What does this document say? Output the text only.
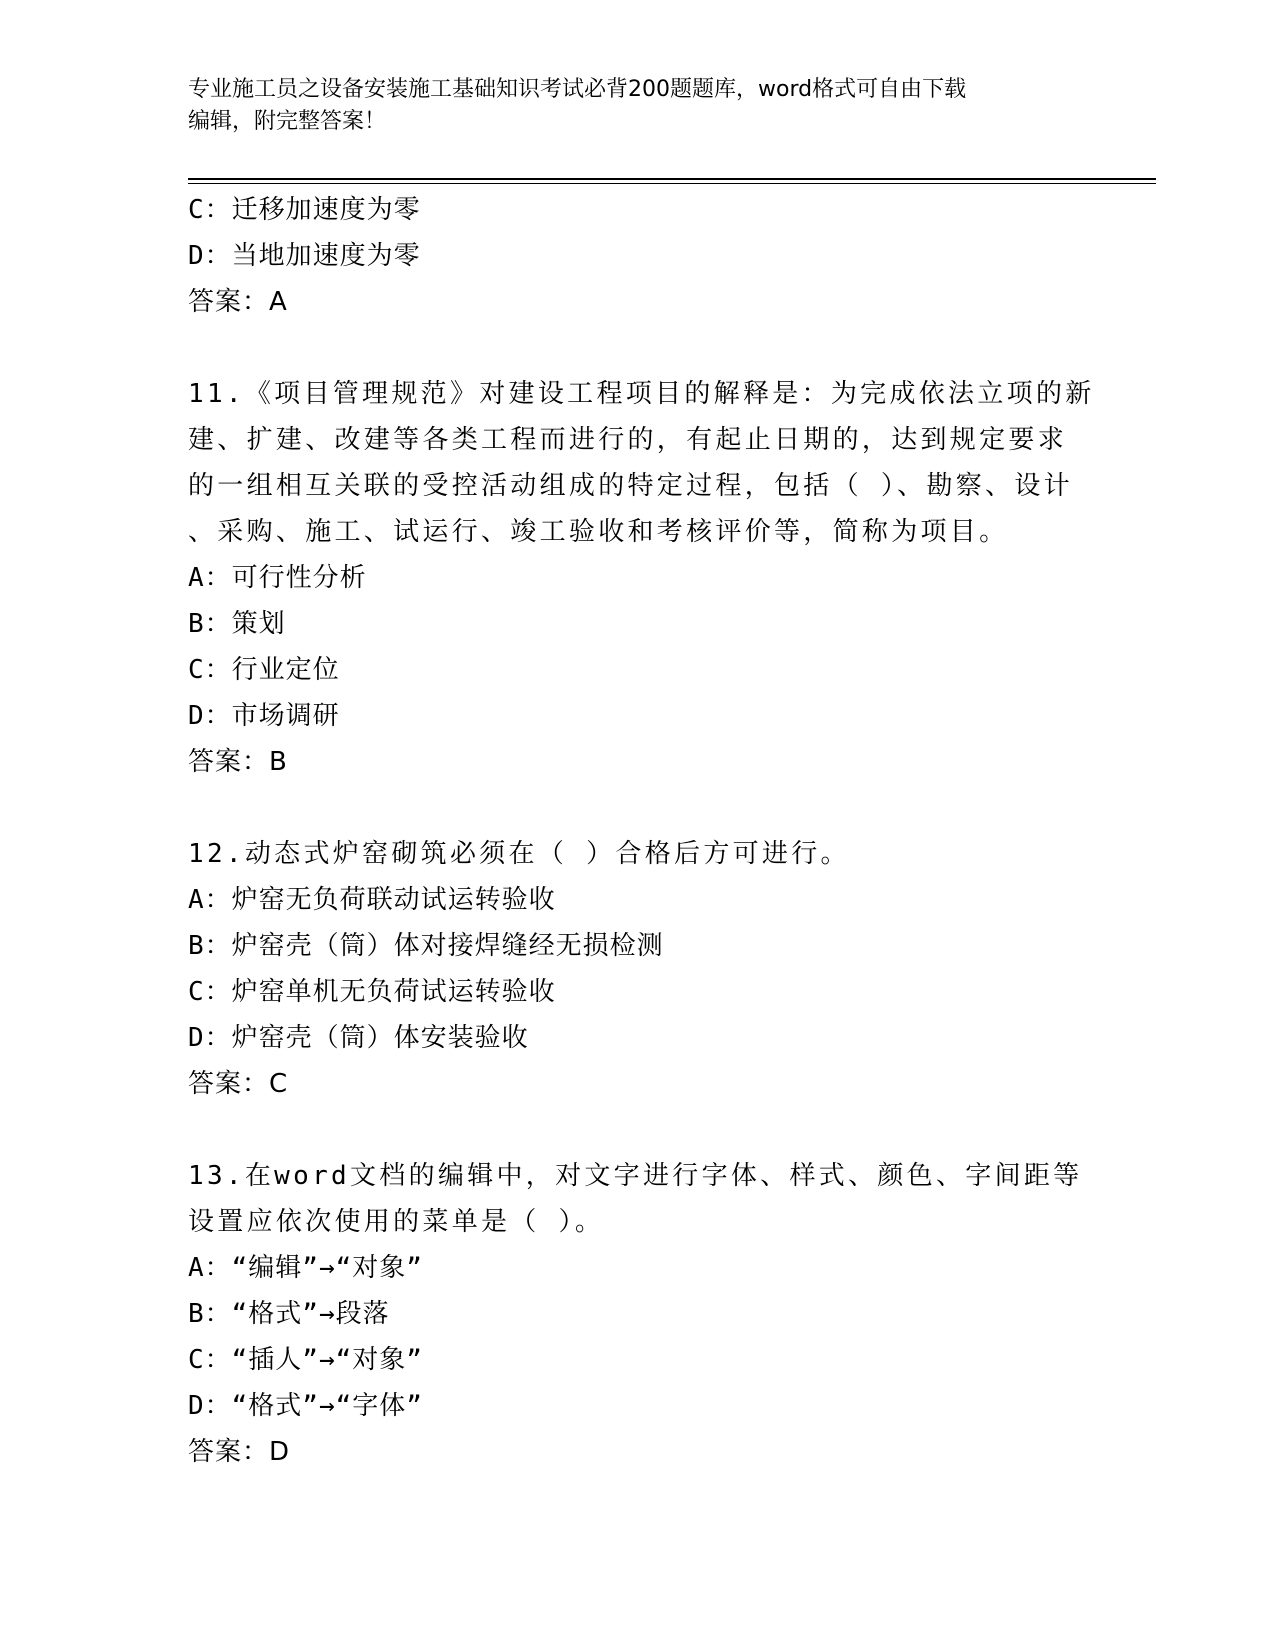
专业施工员之设备安装施工基础知识考试必背200题题库，word格式可自由下载
编辑，附完整答案！
C：迁移加速度为零
D：当地加速度为零
答案：A
11.《项目管理规范》对建设工程项目的解释是：为完成依法立项的新
建、扩建、改建等各类工程而进行的，有起止日期的，达到规定要求
的一组相互关联的受控活动组成的特定过程，包括（ ）、勘察、设计
、采购、施工、试运行、竣工验收和考核评价等，简称为项目。
A：可行性分析
B：策划
C：行业定位
D：市场调研
答案：B
12.动态式炉窑砌筑必须在（ ）合格后方可进行。
A：炉窑无负荷联动试运转验收
B：炉窑壳（筒）体对接焊缝经无损检测
C：炉窑单机无负荷试运转验收
D：炉窑壳（筒）体安装验收
答案：C
13.在word文档的编辑中，对文字进行字体、样式、颜色、字间距等
设置应依次使用的菜单是（ ）。
A：“编辑”→“对象”
B：“格式”→段落
C：“插人”→“对象”
D：“格式”→“字体”
答案：D
